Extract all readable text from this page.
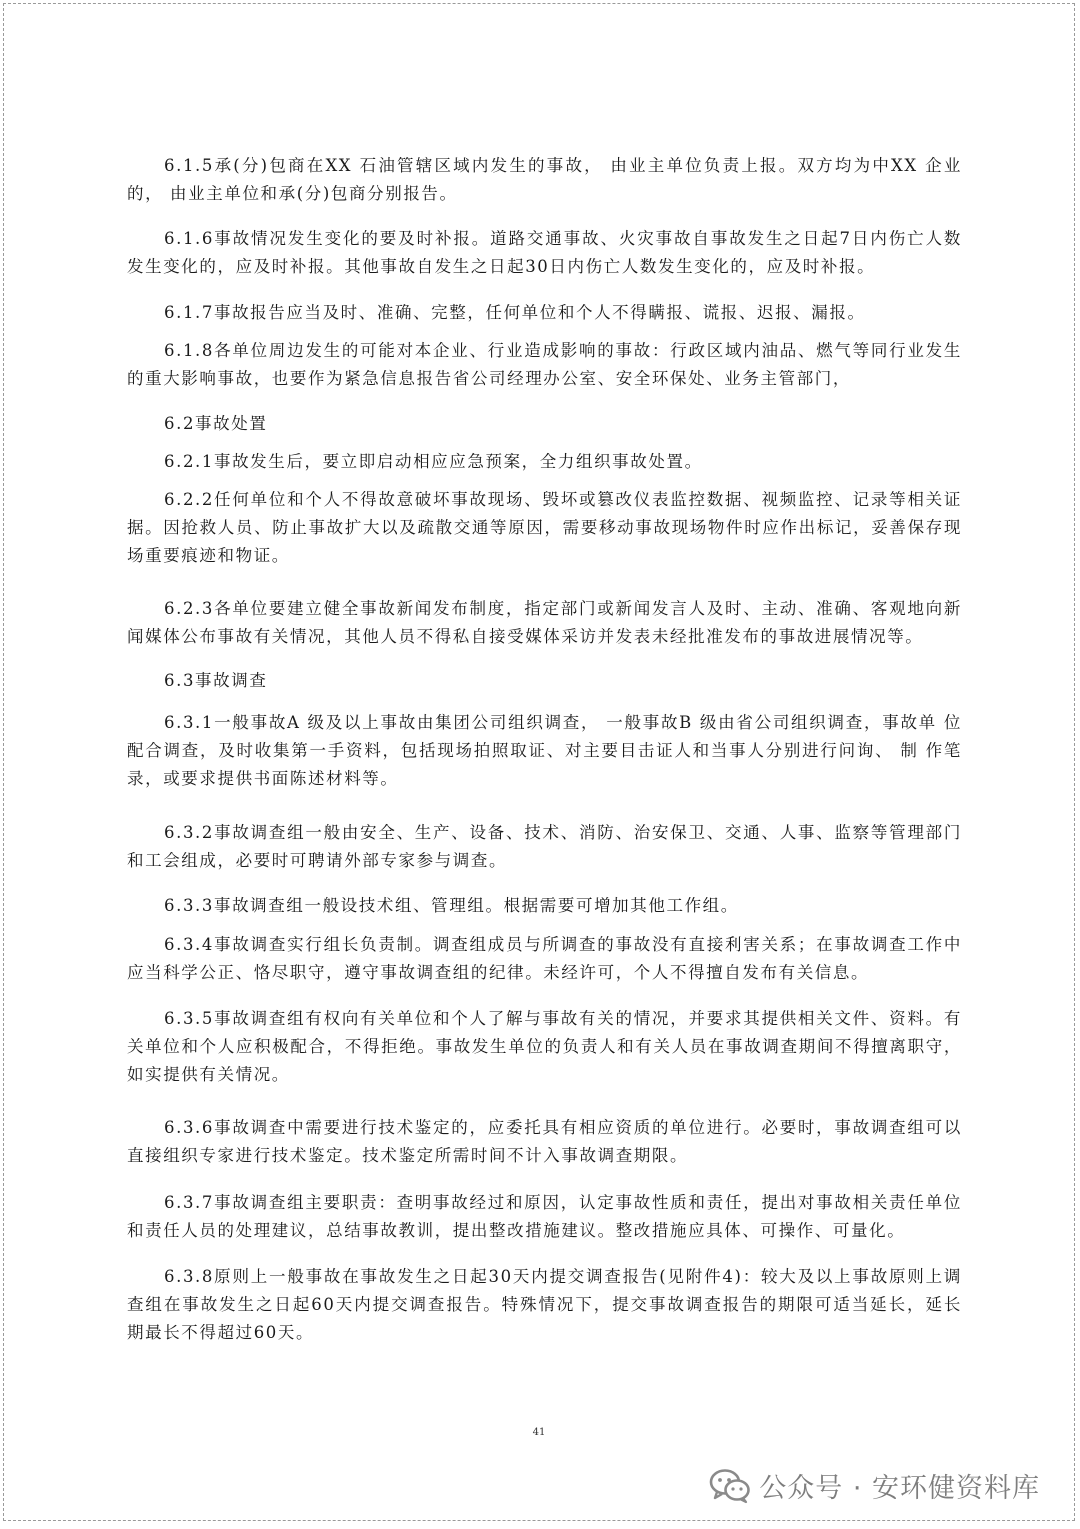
6.1.5承(分)包商在XX 石油管辖区域内发生的事故， 由业主单位负责上报。双方均为中XX 企业的， 由业主单位和承(分)包商分别报告。

6.1.6事故情况发生变化的要及时补报。道路交通事故、火灾事故自事故发生之日起7日内伤亡人数发生变化的，应及时补报。其他事故自发生之日起30日内伤亡人数发生变化的，应及时补报。

6.1.7事故报告应当及时、准确、完整，任何单位和个人不得瞒报、谎报、迟报、漏报。

6.1.8各单位周边发生的可能对本企业、行业造成影响的事故：行政区域内油品、燃气等同行业发生的重大影响事故，也要作为紧急信息报告省公司经理办公室、安全环保处、业务主管部门，

6.2事故处置

6.2.1事故发生后，要立即启动相应应急预案，全力组织事故处置。

6.2.2任何单位和个人不得故意破坏事故现场、毁坏或篡改仪表监控数据、视频监控、记录等相关证据。因抢救人员、防止事故扩大以及疏散交通等原因，需要移动事故现场物件时应作出标记，妥善保存现场重要痕迹和物证。

6.2.3各单位要建立健全事故新闻发布制度，指定部门或新闻发言人及时、主动、准确、客观地向新闻媒体公布事故有关情况，其他人员不得私自接受媒体采访并发表未经批准发布的事故进展情况等。

6.3事故调查

6.3.1一般事故A 级及以上事故由集团公司组织调查， 一般事故B 级由省公司组织调查，事故单 位配合调查，及时收集第一手资料，包括现场拍照取证、对主要目击证人和当事人分别进行问询、 制 作笔录，或要求提供书面陈述材料等。

6.3.2事故调查组一般由安全、生产、设备、技术、消防、治安保卫、交通、人事、监察等管理部门和工会组成，必要时可聘请外部专家参与调查。

6.3.3事故调查组一般设技术组、管理组。根据需要可增加其他工作组。

6.3.4事故调查实行组长负责制。调查组成员与所调查的事故没有直接利害关系；在事故调查工作中应当科学公正、恪尽职守，遵守事故调查组的纪律。未经许可，个人不得擅自发布有关信息。

6.3.5事故调查组有权向有关单位和个人了解与事故有关的情况，并要求其提供相关文件、资料。有关单位和个人应积极配合，不得拒绝。事故发生单位的负责人和有关人员在事故调查期间不得擅离职守，如实提供有关情况。

6.3.6事故调查中需要进行技术鉴定的，应委托具有相应资质的单位进行。必要时，事故调查组可以直接组织专家进行技术鉴定。技术鉴定所需时间不计入事故调查期限。

6.3.7事故调查组主要职责：查明事故经过和原因，认定事故性质和责任，提出对事故相关责任单位和责任人员的处理建议，总结事故教训，提出整改措施建议。整改措施应具体、可操作、可量化。

6.3.8原则上一般事故在事故发生之日起30天内提交调查报告(见附件4)：较大及以上事故原则上调查组在事故发生之日起60天内提交调查报告。特殊情况下，提交事故调查报告的期限可适当延长，延长期最长不得超过60天。

41
公众号 · 安环健资料库
